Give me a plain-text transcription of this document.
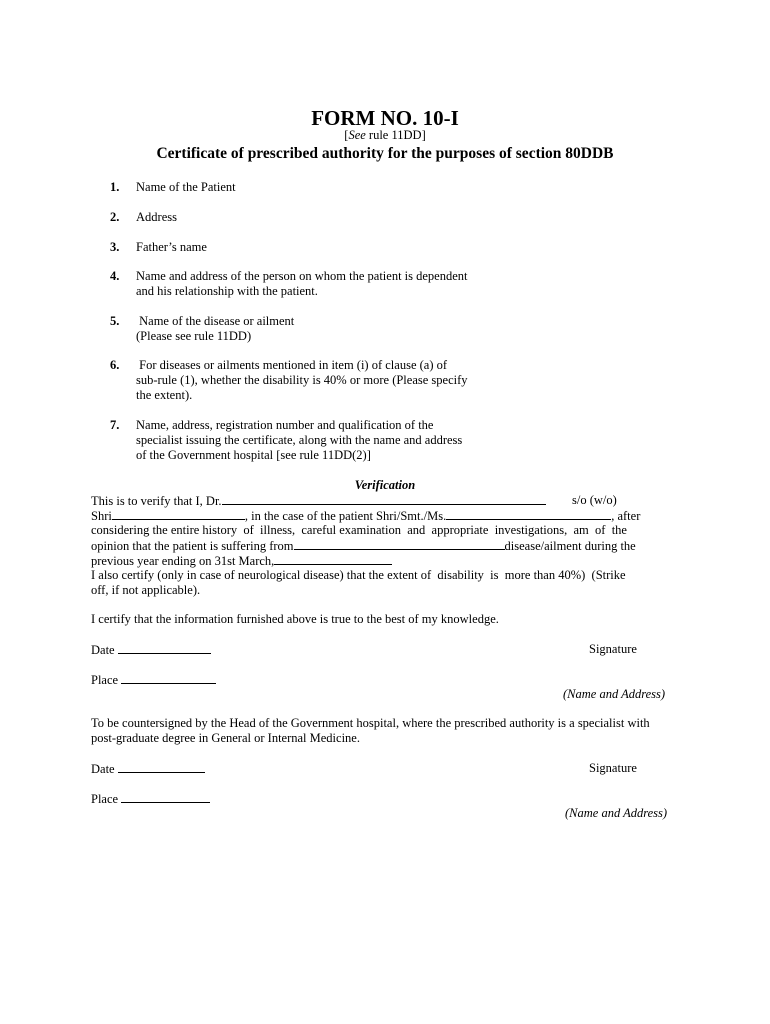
FORM NO. 10-I
[See rule 11DD]
Certificate of prescribed authority for the purposes of section 80DDB
1.	Name of the Patient
2.	Address
3.	Father’s name
4.	Name and address of the person on whom the patient is dependent
and his relationship with the patient.
5.	Name of the disease or ailment
(Please see rule 11DD)
6.	For diseases or ailments mentioned in item (i) of clause (a) of
sub-rule (1), whether the disability is 40% or more (Please specify
the extent).
7.	Name, address, registration number and qualification of the
specialist issuing the certificate, along with the name and address
of the Government hospital [see rule 11DD(2)]
Verification
This is to verify that I, Dr.	s/o (w/o)
Shri	, in the case of the patient Shri/Smt./Ms.	, after
considering the entire history  of  illness,  careful examination  and  appropriate  investigations,  am  of  the
opinion that the patient is suffering from	disease/ailment during the
previous year ending on 31st March,
I also certify (only in case of neurological disease) that the extent of  disability  is  more than 40%)  (Strike
off, if not applicable).
I certify that the information furnished above is true to the best of my knowledge.
Date	Signature
Place
(Name and Address)
To be countersigned by the Head of the Government hospital, where the prescribed authority is a specialist with
post-graduate degree in General or Internal Medicine.
Date	Signature
Place
(Name and Address)
